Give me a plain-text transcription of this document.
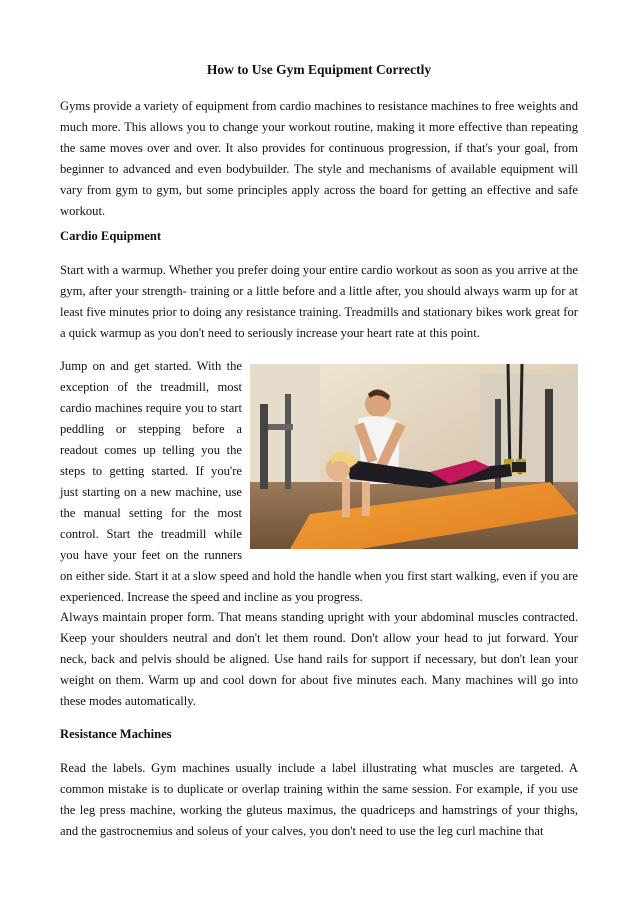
How to Use Gym Equipment Correctly

Gyms provide a variety of equipment from cardio machines to resistance machines to free weights and much more. This allows you to change your workout routine, making it more effective than repeating the same moves over and over. It also provides for continuous progression, if that's your goal, from beginner to advanced and even bodybuilder. The style and mechanisms of available equipment will vary from gym to gym, but some principles apply across the board for getting an effective and safe workout.

Cardio Equipment

Start with a warmup. Whether you prefer doing your entire cardio workout as soon as you arrive at the gym, after your strength- training or a little before and a little after, you should always warm up for at least five minutes prior to doing any resistance training. Treadmills and stationary bikes work great for a quick warmup as you don't need to seriously increase your heart rate at this point.

Jump on and get started. With the exception of the treadmill, most cardio machines require you to start peddling or stepping before a readout comes up telling you the steps to getting started. If you're just starting on a new machine, use the manual setting for the most control. Start the treadmill while you have your feet on the runners on either side. Start it at a slow speed and hold the handle when you first start walking, even if you are experienced. Increase the speed and incline as you progress.

Always maintain proper form. That means standing upright with your abdominal muscles contracted. Keep your shoulders neutral and don't let them round. Don't allow your head to jut forward. Your neck, back and pelvis should be aligned. Use hand rails for support if necessary, but don't lean your weight on them. Warm up and cool down for about five minutes each. Many machines will go into these modes automatically.

Resistance Machines

Read the labels. Gym machines usually include a label illustrating what muscles are targeted. A common mistake is to duplicate or overlap training within the same session. For example, if you use the leg press machine, working the gluteus maximus, the quadriceps and hamstrings of your thighs, and the gastrocnemius and soleus of your calves, you don't need to use the leg curl machine that
